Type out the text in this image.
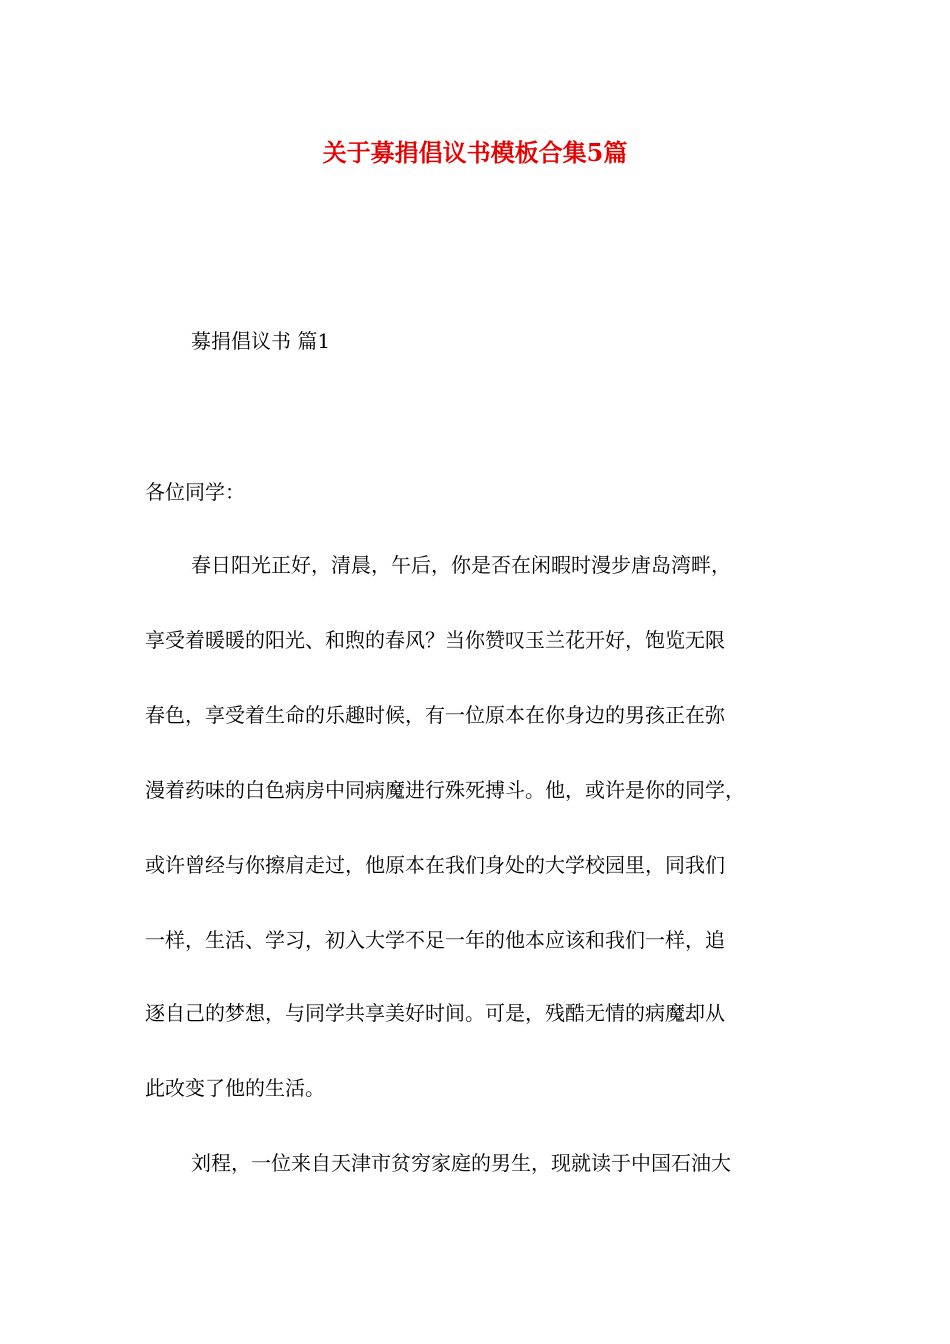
关于募捐倡议书模板合集5篇

募捐倡议书 篇1

各位同学：

春日阳光正好，清晨，午后，你是否在闲暇时漫步唐岛湾畔，

享受着暖暖的阳光、和煦的春风？当你赞叹玉兰花开好，饱览无限

春色，享受着生命的乐趣时候，有一位原本在你身边的男孩正在弥

漫着药味的白色病房中同病魔进行殊死搏斗。他，或许是你的同学，

或许曾经与你擦肩走过，他原本在我们身处的大学校园里，同我们

一样，生活、学习，初入大学不足一年的他本应该和我们一样，追

逐自己的梦想，与同学共享美好时间。可是，残酷无情的病魔却从

此改变了他的生活。

刘程，一位来自天津市贫穷家庭的男生，现就读于中国石油大
